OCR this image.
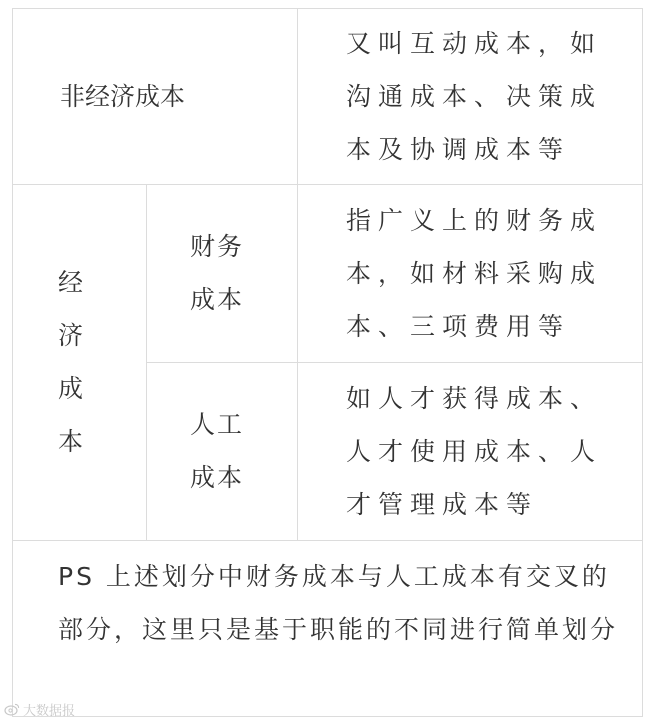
非经济成本
又叫互动成本，如沟通成本、决策成本及协调成本等
经
济
成
本
财务
成本
指广义上的财务成本，如材料采购成本、三项费用等
人工
成本
如人才获得成本、人才使用成本、人才管理成本等
PS 上述划分中财务成本与人工成本有交叉的部分，这里只是基于职能的不同进行简单划分
大数据报
